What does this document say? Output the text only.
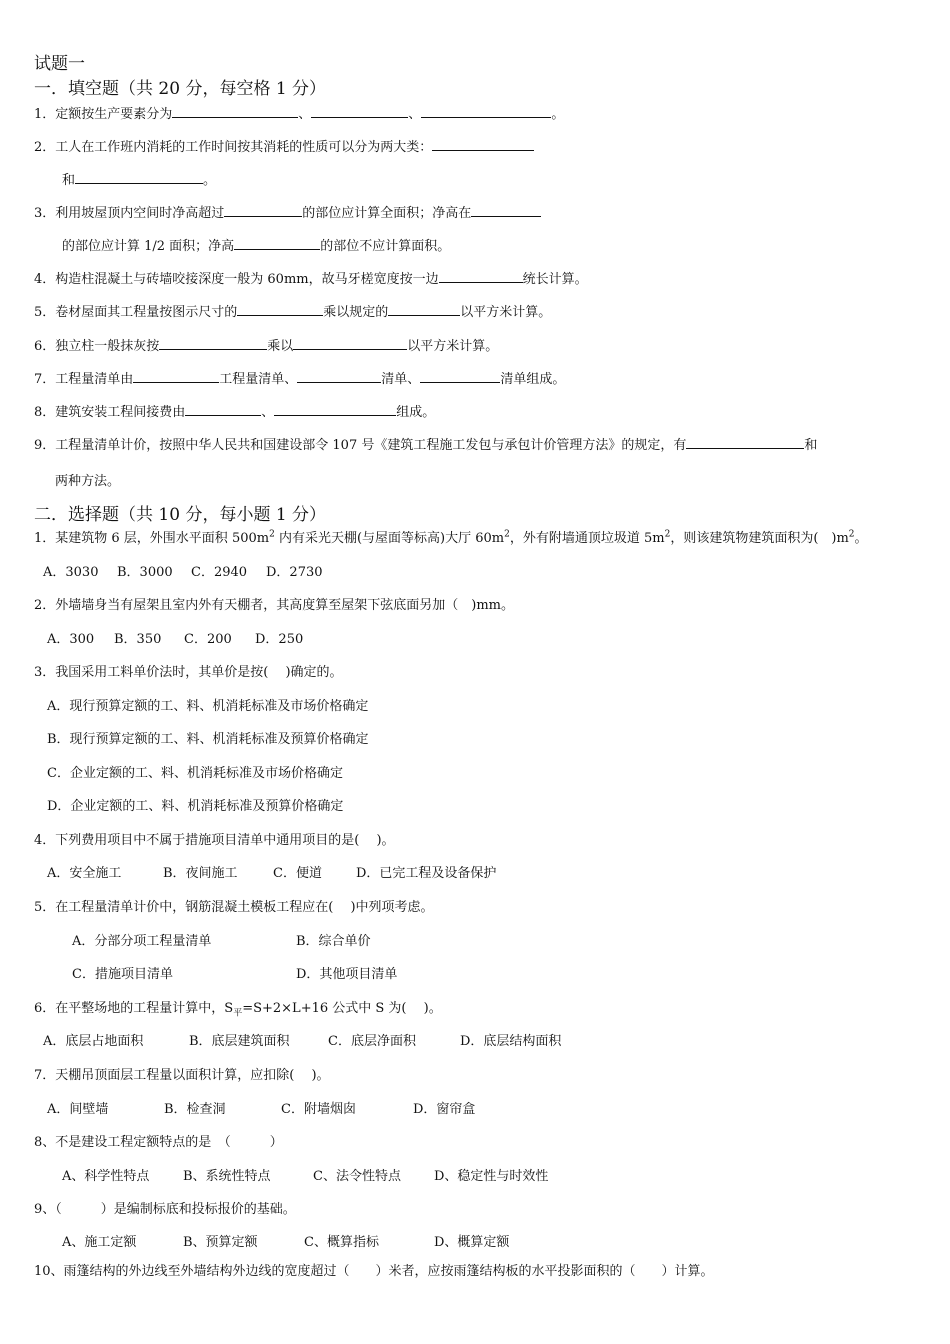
试题一
一．填空题（共 20 分，每空格 1 分）
1．定额按生产要素分为	、	、	。
2．工人在工作班内消耗的工作时间按其消耗的性质可以分为两大类：
和	。
3．利用坡屋顶内空间时净高超过	的部位应计算全面积；净高在
的部位应计算 1/2 面积；净高	的部位不应计算面积。
4．构造柱混凝土与砖墙咬接深度一般为 60mm，故马牙槎宽度按一边	统长计算。
5．卷材屋面其工程量按图示尺寸的	乘以规定的	以平方米计算。
6．独立柱一般抹灰按	乘以	以平方米计算。
7．工程量清单由	工程量清单、	清单、	清单组成。
8．建筑安装工程间接费由	、	组成。
9．工程量清单计价，按照中华人民共和国建设部令 107 号《建筑工程施工发包与承包计价管理方法》的规定，有	和
两种方法。
二．选择题（共 10 分，每小题 1 分）
1．某建筑物 6 层，外围水平面积 $500m^2$ 内有采光天棚(与屋面等标高)大厅 $60m^2$，外有附墙通顶垃圾道 $5m^2$，则该建筑物建筑面积为(　)$m^2$。
A．3030 B．3000 C．2940 D．2730
2．外墙墙身当有屋架且室内外有天棚者，其高度算至屋架下弦底面另加（　)mm。
A．300 B．350 C．200 D．250
3．我国采用工料单价法时，其单价是按(　 )确定的。
A．现行预算定额的工、料、机消耗标准及市场价格确定
B．现行预算定额的工、料、机消耗标准及预算价格确定
C．企业定额的工、料、机消耗标准及市场价格确定
D．企业定额的工、料、机消耗标准及预算价格确定
4．下列费用项目中不属于措施项目清单中通用项目的是(　 )。
A．安全施工	B．夜间施工	C．便道	D．已完工程及设备保护
5．在工程量清单计价中，钢筋混凝土模板工程应在(　 )中列项考虑。
A．分部分项工程量清单	B．综合单价
C．措施项目清单	D．其他项目清单
6．在平整场地的工程量计算中，$S_平=S+2\times L+16$ 公式中 S 为(　 )。
A．底层占地面积	B．底层建筑面积	C．底层净面积	D．底层结构面积
7．天棚吊顶面层工程量以面积计算，应扣除(　 )。
A．间壁墙	B．检查洞	C．附墙烟囱	D．窗帘盒
8、不是建设工程定额特点的是　（　　　）
A、科学性特点	B、系统性特点	C、法令性特点	D、稳定性与时效性
9、（　　　）是编制标底和投标报价的基础。
A、施工定额	B、预算定额	C、概算指标	D、概算定额
10、雨篷结构的外边线至外墙结构外边线的宽度超过（　　）米者，应按雨篷结构板的水平投影面积的（　　）计算。
